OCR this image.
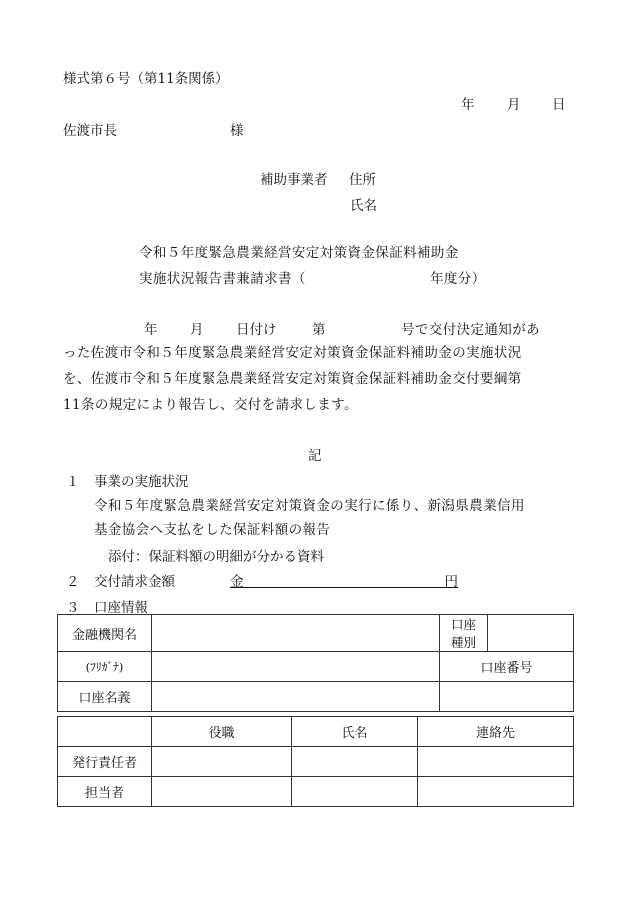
様式第６号（第11条関係）
年 月 日
佐渡市長	様
補助事業者 住所
氏名
令和５年度緊急農業経営安定対策資金保証料補助金
実施状況報告書兼請求書（	年度分）
年 月 日付け	第	号で交付決定通知があ
った佐渡市令和５年度緊急農業経営安定対策資金保証料補助金の実施状況
を、佐渡市令和５年度緊急農業経営安定対策資金保証料補助金交付要綱第
11条の規定により報告し、交付を請求します。
記
１ 事業の実施状況
令和５年度緊急農業経営安定対策資金の実行に係り、新潟県農業信用
基金協会へ支払をした保証料額の報告
添付：保証料額の明細が分かる資料
２ 交付請求金額	金	円
３ 口座情報
金融機関名		口座種別	
(ﾌﾘｶﾞﾅ)		口座番号	
口座名義			
	役職	氏名	連絡先
発行責任者			
担当者			
